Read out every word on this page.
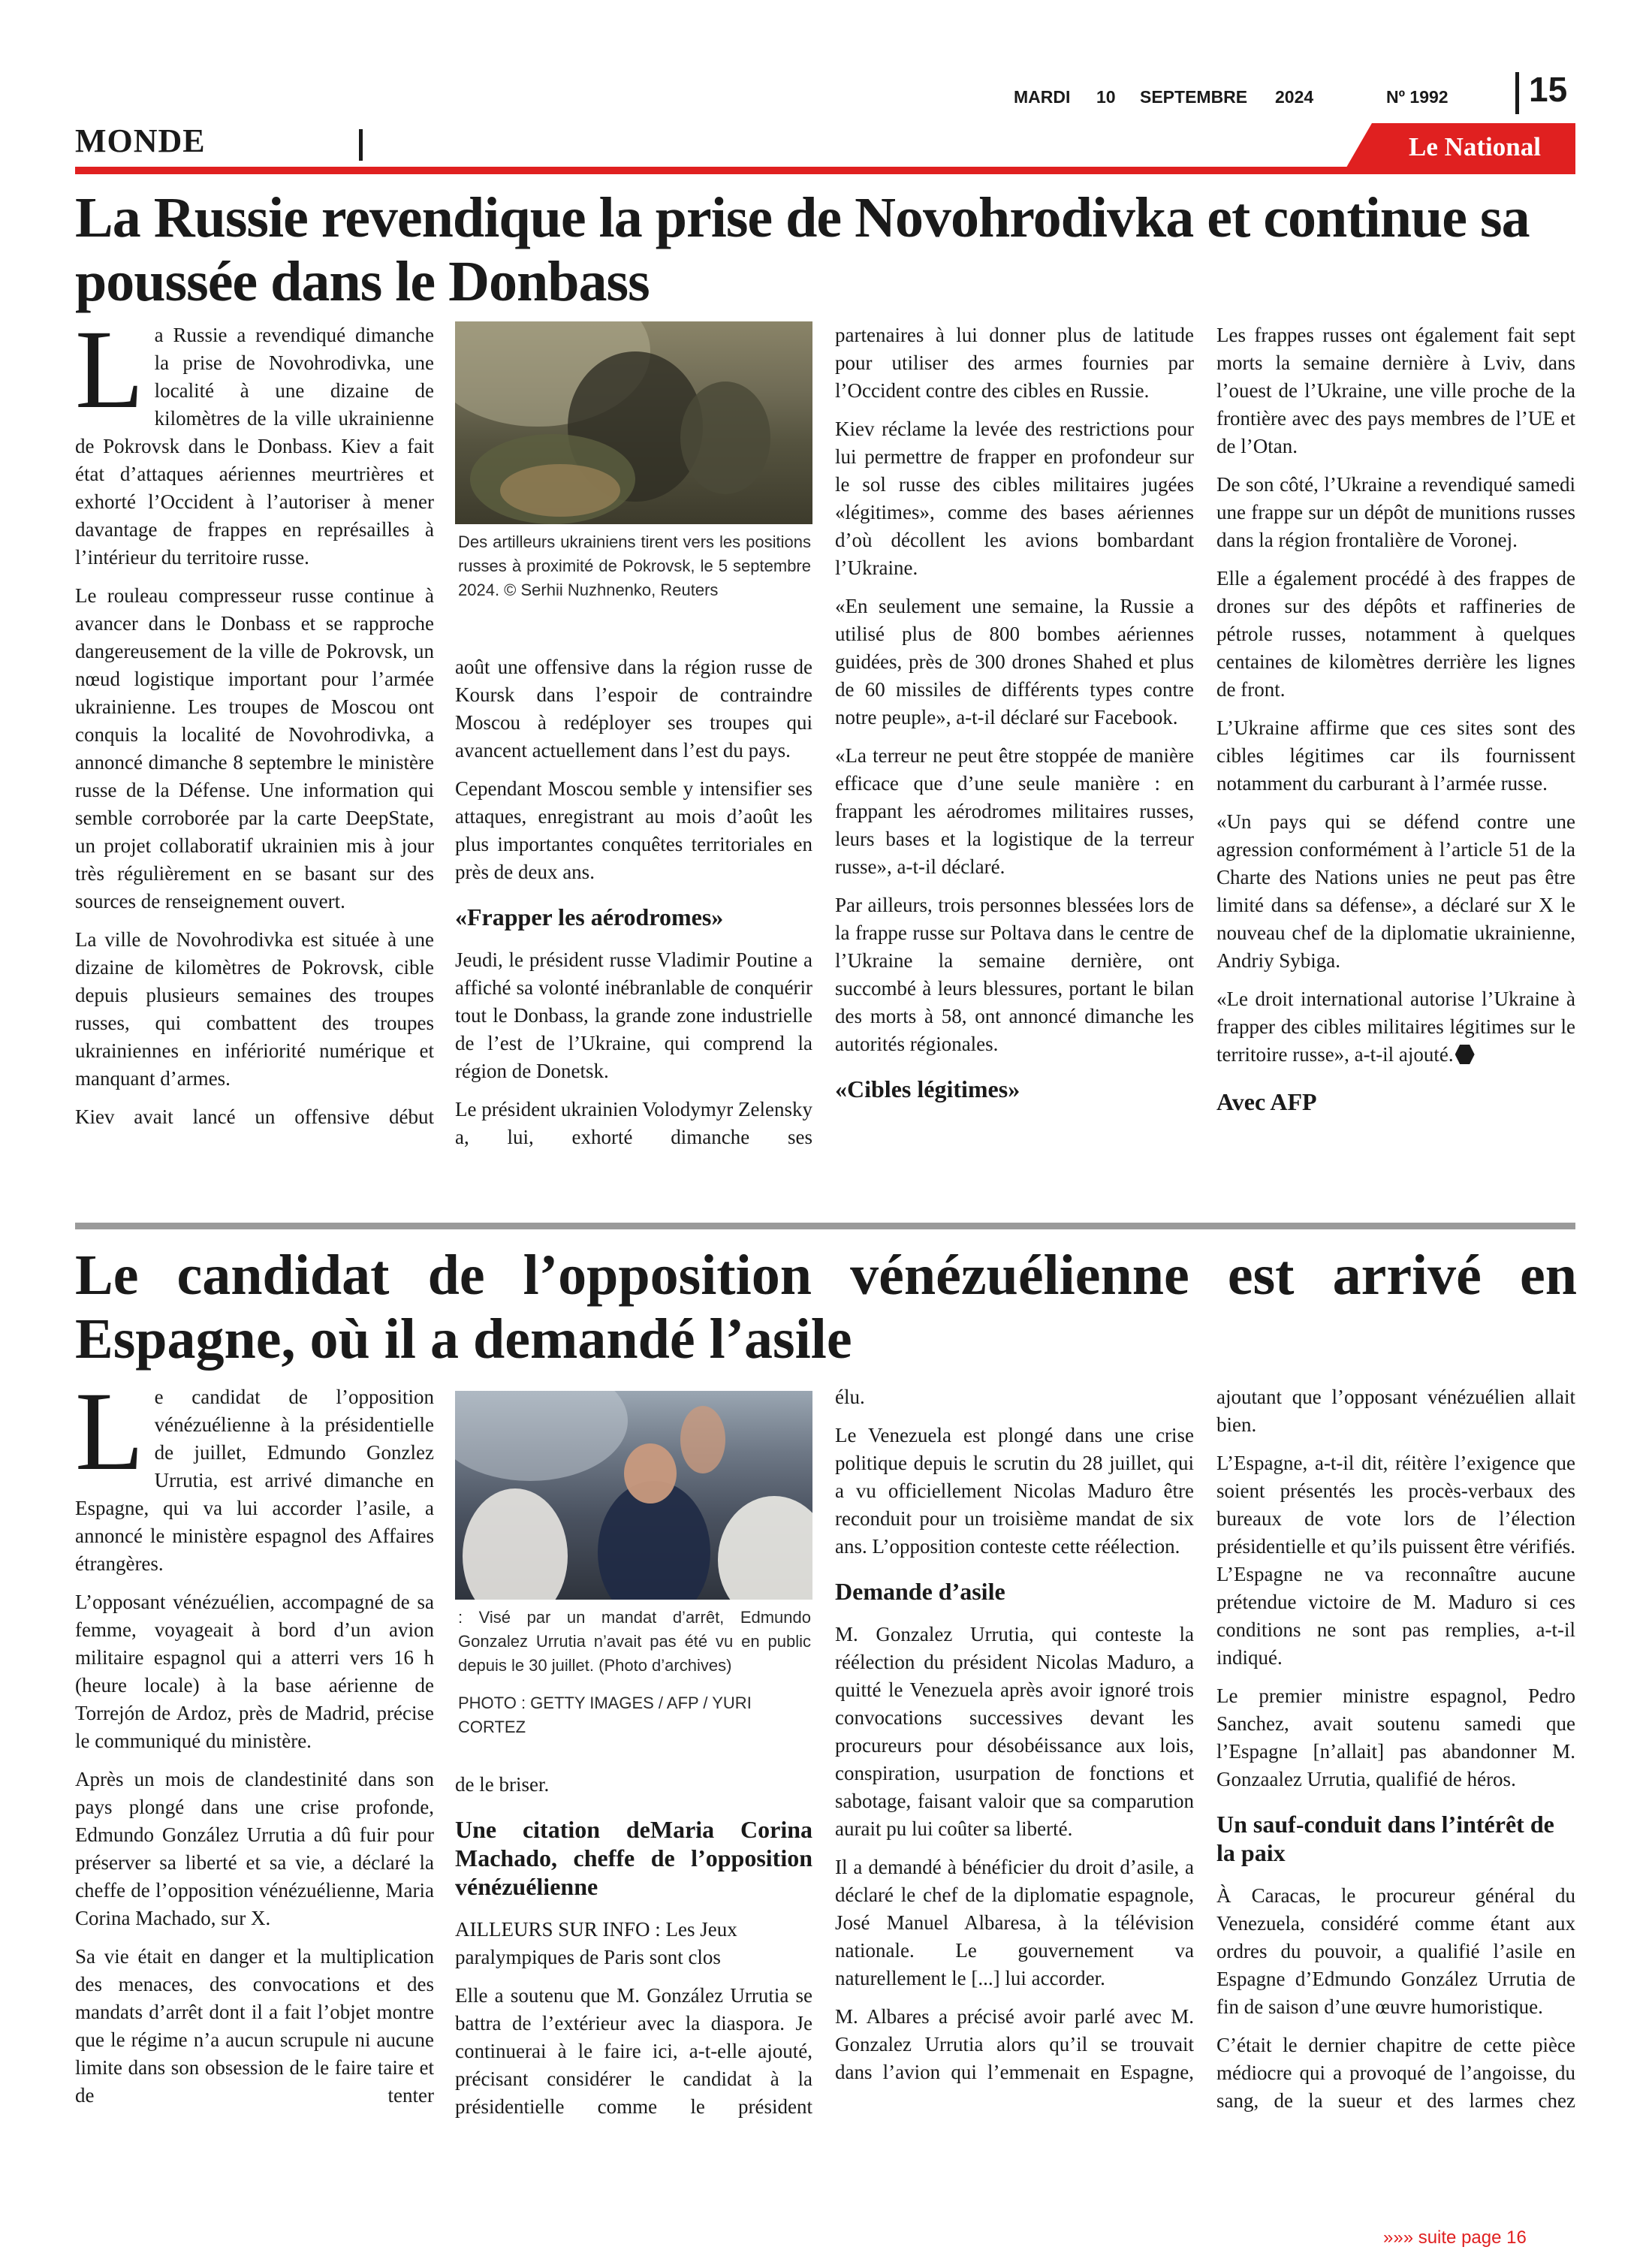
MARDI 10 SEPTEMBRE 2024	Nº 1992 15
MONDE	Le National
La Russie revendique la prise de Novohrodivka et continue sa poussée dans le Donbass
L a Russie a revendiqué dimanche la prise de Novohrodivka, une localité à une dizaine de kilomètres de la ville ukrainienne de Pokrovsk dans le Donbass. Kiev a fait état d’attaques aériennes meurtrières et exhorté l’Occident à l’autoriser à mener davantage de frappes en représailles à l’intérieur du territoire russe.

Le rouleau compresseur russe continue à avancer dans le Donbass et se rapproche dangereusement de la ville de Pokrovsk, un nœud logistique important pour l’armée ukrainienne. Les troupes de Moscou ont conquis la localité de Novohrodivka, a annoncé dimanche 8 septembre le ministère russe de la Défense. Une information qui semble corroborée par la carte DeepState, un projet collaboratif ukrainien mis à jour très régulièrement en se basant sur des sources de renseignement ouvert.

La ville de Novohrodivka est située à une dizaine de kilomètres de Pokrovsk, cible depuis plusieurs semaines des troupes russes, qui combattent des troupes ukrainiennes en infériorité numérique et manquant d’armes.

Kiev avait lancé un offensive début

Des artilleurs ukrainiens tirent vers les positions russes à proximité de Pokrovsk, le 5 septembre 2024. © Serhii Nuzhnenko, Reuters

août une offensive dans la région russe de Koursk dans l’espoir de contraindre Moscou à redéployer ses troupes qui avancent actuellement dans l’est du pays.

Cependant Moscou semble y intensifier ses attaques, enregistrant au mois d’août les plus importantes conquêtes territoriales en près de deux ans.

«Frapper les aérodromes»

Jeudi, le président russe Vladimir Poutine a affiché sa volonté inébranlable de conquérir tout le Donbass, la grande zone industrielle de l’est de l’Ukraine, qui comprend la région de Donetsk.

Le président ukrainien Volodymyr Zelensky a, lui, exhorté dimanche ses

partenaires à lui donner plus de latitude pour utiliser des armes fournies par l’Occident contre des cibles en Russie.

Kiev réclame la levée des restrictions pour lui permettre de frapper en profondeur sur le sol russe des cibles militaires jugées «légitimes», comme des bases aériennes d’où décollent les avions bombardant l’Ukraine.

«En seulement une semaine, la Russie a utilisé plus de 800 bombes aériennes guidées, près de 300 drones Shahed et plus de 60 missiles de différents types contre notre peuple», a-t-il déclaré sur Facebook.

«La terreur ne peut être stoppée de manière efficace que d’une seule manière : en frappant les aérodromes militaires russes, leurs bases et la logistique de la terreur russe», a-t-il déclaré.

Par ailleurs, trois personnes blessées lors de la frappe russe sur Poltava dans le centre de l’Ukraine la semaine dernière, ont succombé à leurs blessures, portant le bilan des morts à 58, ont annoncé dimanche les autorités régionales.

«Cibles légitimes»

Les frappes russes ont également fait sept morts la semaine dernière à Lviv, dans l’ouest de l’Ukraine, une ville proche de la frontière avec des pays membres de l’UE et de l’Otan.

De son côté, l’Ukraine a revendiqué samedi une frappe sur un dépôt de munitions russes dans la région frontalière de Voronej.

Elle a également procédé à des frappes de drones sur des dépôts et raffineries de pétrole russes, notamment à quelques centaines de kilomètres derrière les lignes de front.

L’Ukraine affirme que ces sites sont des cibles légitimes car ils fournissent notamment du carburant à l’armée russe.

«Un pays qui se défend contre une agression conformément à l’article 51 de la Charte des Nations unies ne peut pas être limité dans sa défense», a déclaré sur X le nouveau chef de la diplomatie ukrainienne, Andriy Sybiga.

«Le droit international autorise l’Ukraine à frapper des cibles militaires légitimes sur le territoire russe», a-t-il ajouté.

Avec AFP
Le candidat de l’opposition vénézuélienne est arrivé en Espagne, où il a demandé l’asile
L e candidat de l’opposition vénézuélienne à la présidentielle de juillet, Edmundo Gonzlez Urrutia, est arrivé dimanche en Espagne, qui va lui accorder l’asile, a annoncé le ministère espagnol des Affaires étrangères.

L’opposant vénézuélien, accompagné de sa femme, voyageait à bord d’un avion militaire espagnol qui a atterri vers 16 h (heure locale) à la base aérienne de Torrejón de Ardoz, près de Madrid, précise le communiqué du ministère.

Après un mois de clandestinité dans son pays plongé dans une crise profonde, Edmundo González Urrutia a dû fuir pour préserver sa liberté et sa vie, a déclaré la cheffe de l’opposition vénézuélienne, Maria Corina Machado, sur X.

Sa vie était en danger et la multiplication des menaces, des convocations et des mandats d’arrêt dont il a fait l’objet montre que le régime n’a aucun scrupule ni aucune limite dans son obsession de le faire taire et de tenter

: Visé par un mandat d’arrêt, Edmundo Gonzalez Urrutia n’avait pas été vu en public depuis le 30 juillet. (Photo d’archives)
PHOTO : GETTY IMAGES / AFP / YURI CORTEZ

de le briser.

Une citation deMaria Corina Machado, cheffe de l’opposition vénézuélienne

AILLEURS SUR INFO : Les Jeux paralympiques de Paris sont clos

Elle a soutenu que M. González Urrutia se battra de l’extérieur avec la diaspora. Je continuerai à le faire ici, a-t-elle ajouté, précisant considérer le candidat à la présidentielle comme le président

élu.

Le Venezuela est plongé dans une crise politique depuis le scrutin du 28 juillet, qui a vu officiellement Nicolas Maduro être reconduit pour un troisième mandat de six ans. L’opposition conteste cette réélection.

Demande d’asile

M. Gonzalez Urrutia, qui conteste la réélection du président Nicolas Maduro, a quitté le Venezuela après avoir ignoré trois convocations successives devant les procureurs pour désobéissance aux lois, conspiration, usurpation de fonctions et sabotage, faisant valoir que sa comparution aurait pu lui coûter sa liberté.

Il a demandé à bénéficier du droit d’asile, a déclaré le chef de la diplomatie espagnole, José Manuel Albaresa, à la télévision nationale. Le gouvernement va naturellement le [...] lui accorder.

M. Albares a précisé avoir parlé avec M. Gonzalez Urrutia alors qu’il se trouvait dans l’avion qui l’emmenait en Espagne,

ajoutant que l’opposant vénézuélien allait bien.

L’Espagne, a-t-il dit, réitère l’exigence que soient présentés les procès-verbaux des bureaux de vote lors de l’élection présidentielle et qu’ils puissent être vérifiés. L’Espagne ne va reconnaître aucune prétendue victoire de M. Maduro si ces conditions ne sont pas remplies, a-t-il indiqué.

Le premier ministre espagnol, Pedro Sanchez, avait soutenu samedi que l’Espagne [n’allait] pas abandonner M. Gonzaalez Urrutia, qualifié de héros.

Un sauf-conduit dans l’intérêt de la paix

À Caracas, le procureur général du Venezuela, considéré comme étant aux ordres du pouvoir, a qualifié l’asile en Espagne d’Edmundo González Urrutia de fin de saison d’une œuvre humoristique.

C’était le dernier chapitre de cette pièce médiocre qui a provoqué de l’angoisse, du sang, de la sueur et des larmes chez

»»» suite page 16
